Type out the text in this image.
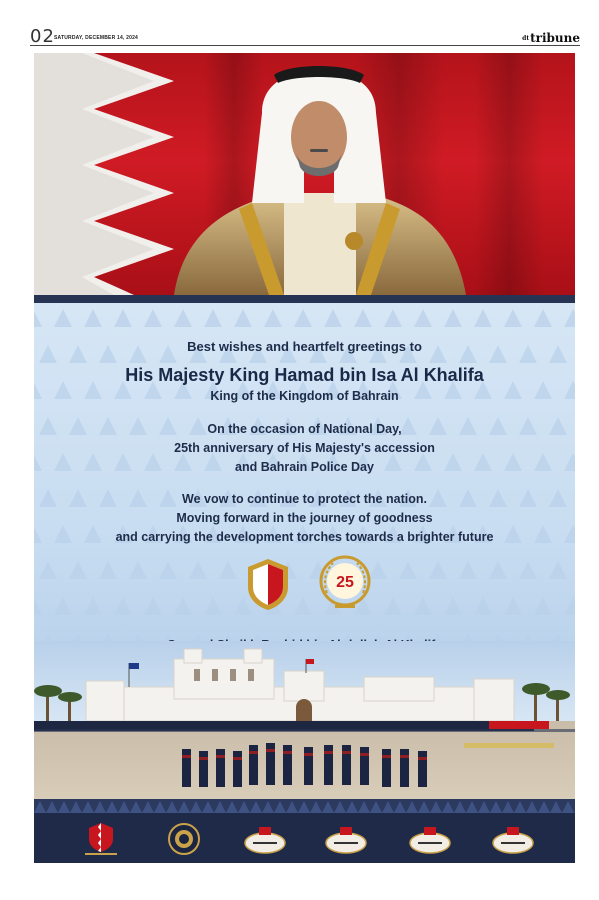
02 SATURDAY, DECEMBER 14, 2024	dttribune
Best wishes and heartfelt greetings to
His Majesty King Hamad bin Isa Al Khalifa
King of the Kingdom of Bahrain
On the occasion of National Day,
25th anniversary of His Majesty's accession
and Bahrain Police Day
We vow to continue to protect the nation.
Moving forward in the journey of goodness
and carrying the development torches towards a brighter future
25
